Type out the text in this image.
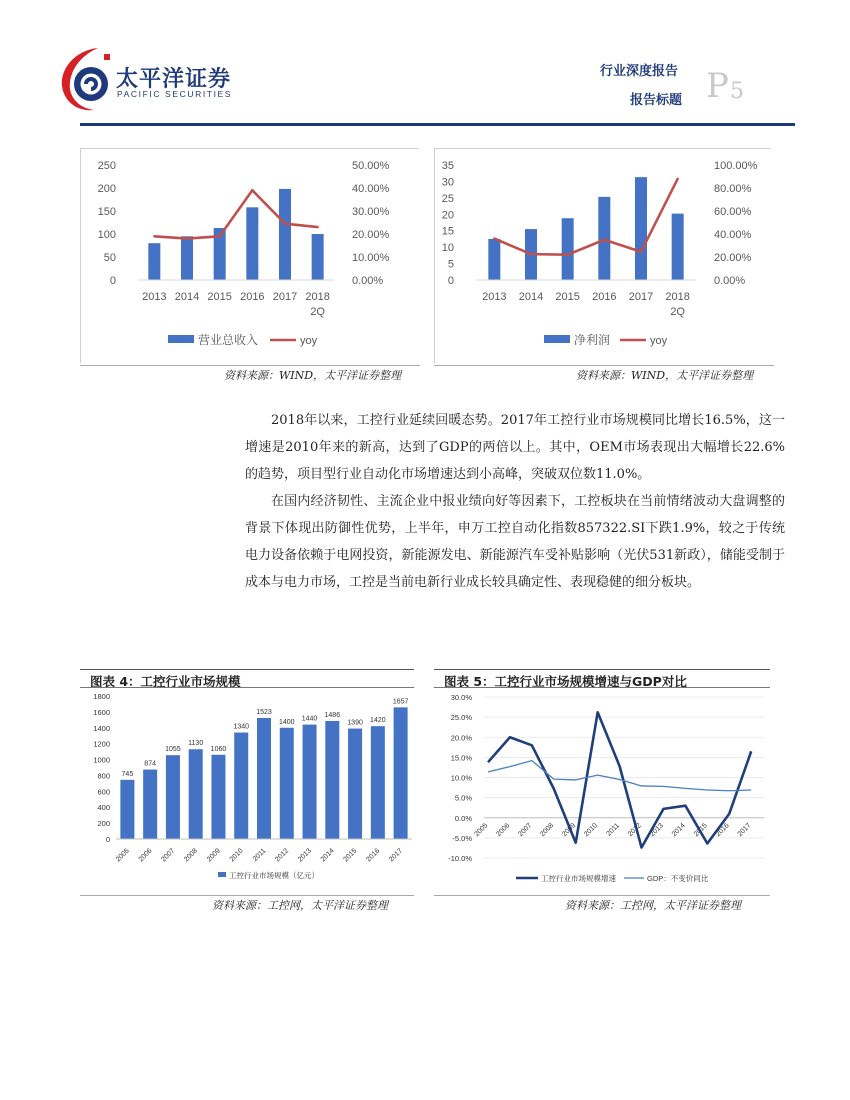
太平洋证券
PACIFIC SECURITIES
行业深度报告
报告标题 P 5
0
50
100
150
200
250
0.00%
10.00%
20.00%
30.00%
40.00%
50.00%
2013 2014 2015 2016 2017 2018
2Q
营业总收入	yoy
资料来源：WIND，太平洋证券整理
0
5
10
15
20
25
30
35
0.00%
20.00%
40.00%
60.00%
80.00%
100.00%
2013 2014 2015 2016 2017 2018
2Q
净利润	yoy
资料来源：WIND，太平洋证券整理

2018年以来，工控行业延续回暖态势。2017年工控行业市场规模同比增长16.5%，这一增速是2010年来的新高，达到了GDP的两倍以上。其中，OEM市场表现出大幅增长22.6%的趋势，项目型行业自动化市场增速达到小高峰，突破双位数11.0%。

在国内经济韧性、主流企业中报业绩向好等因素下，工控板块在当前情绪波动大盘调整的背景下体现出防御性优势，上半年，申万工控自动化指数857322.SI下跌1.9%，较之于传统电力设备依赖于电网投资，新能源发电、新能源汽车受补贴影响（光伏531新政），储能受制于成本与电力市场，工控是当前电新行业成长较具确定性、表现稳健的细分板块。

图表 4：工控行业市场规模
0
200
400
600
800
1000
1200
1400
1600
1800
745
2005
874
2006
1055
2007
1130
2008
1060
2009
1340
2010
1523
2011
1400
2012
1440
2013
1486
2014
1390
2015
1420
2016
1657
2017
工控行业市场规模（亿元）
资料来源：工控网，太平洋证券整理
图表 5：工控行业市场规模增速与GDP对比
-10.0%
-5.0%
0.0%
5.0%
10.0%
15.0%
20.0%
25.0%
30.0%
2005 2006 2007 2008 2009 2010 2011 2012 2013 2014 2015 2016 2017
工控行业市场规模增速	GDP：不变价同比
资料来源：工控网，太平洋证券整理
